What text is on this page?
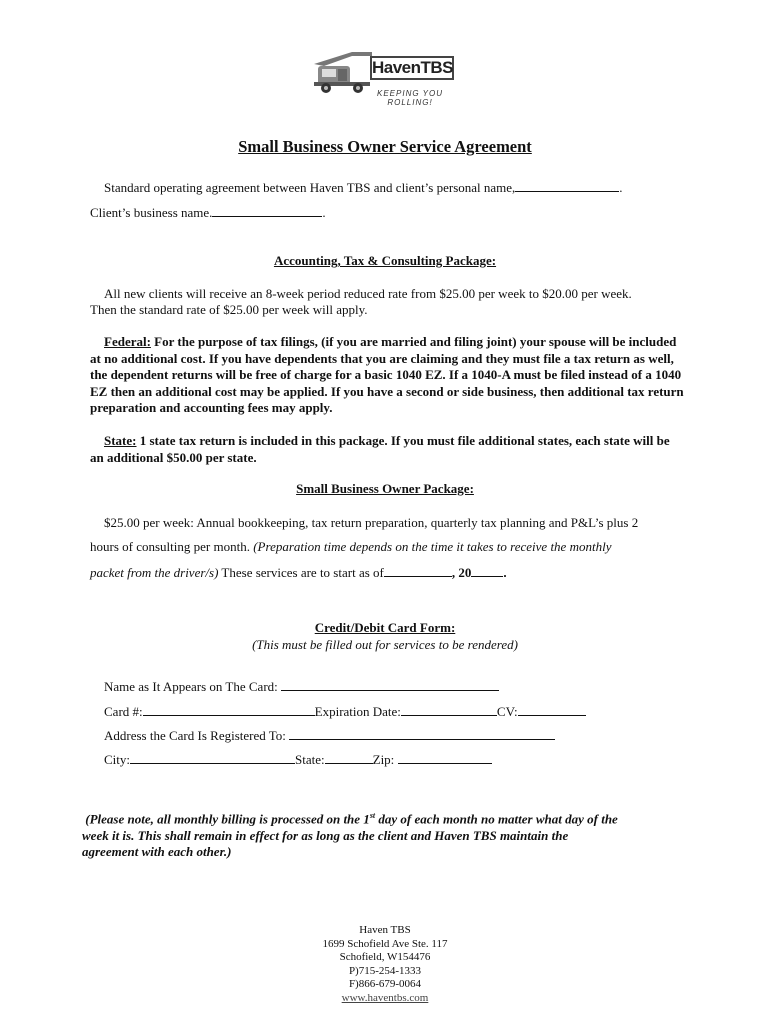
HavenTBS
KEEPING YOU ROLLING!
Small Business Owner Service Agreement
Standard operating agreement between Haven TBS and client’s personal name,	.
Client’s business name.	.
Accounting, Tax & Consulting Package:
All new clients will receive an 8-week period reduced rate from $25.00 per week to $20.00 per week.
Then the standard rate of $25.00 per week will apply.
Federal: For the purpose of tax filings, (if you are married and filing joint) your spouse will be included at no additional cost. If you have dependents that you are claiming and they must file a tax return as well, the dependent returns will be free of charge for a basic 1040 EZ. If a 1040-A must be filed instead of a 1040 EZ then an additional cost may be applied. If you have a second or side business, then additional tax return preparation and accounting fees may apply.
State: 1 state tax return is included in this package. If you must file additional states, each state will be an additional $50.00 per state.
Small Business Owner Package:
$25.00 per week: Annual bookkeeping, tax return preparation, quarterly tax planning and P&L’s plus 2
hours of consulting per month. (Preparation time depends on the time it takes to receive the monthly
packet from the driver/s) These services are to start as of	, 20 .
Credit/Debit Card Form:
(This must be filled out for services to be rendered)
Name as It Appears on The Card:
Card #:	Expiration Date:	CV:
Address the Card Is Registered To:
City:	State:	Zip:
(Please note, all monthly billing is processed on the 1st day of each month no matter what day of the
week it is. This shall remain in effect for as long as the client and Haven TBS maintain the
agreement with each other.)
Haven TBS
1699 Schofield Ave Ste. 117
Schofield, W154476
P)715-254-1333
F)866-679-0064
www.haventbs.com
